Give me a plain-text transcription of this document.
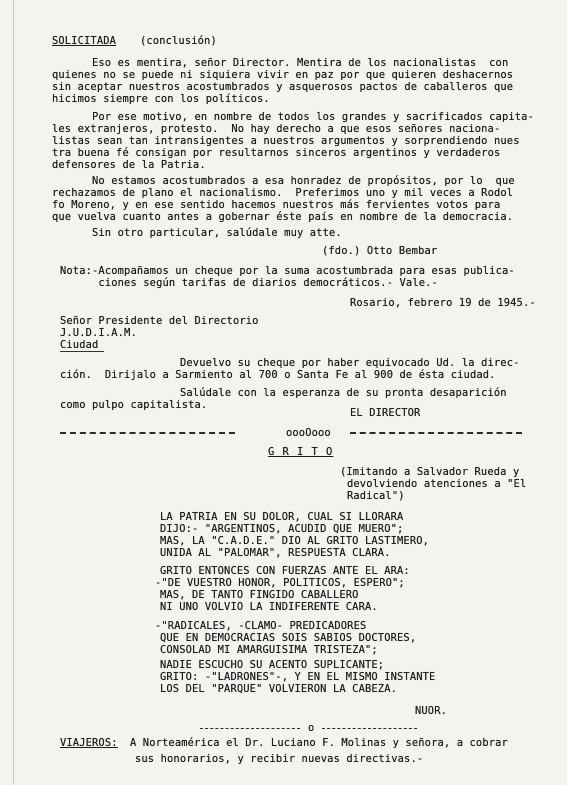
SOLICITADA (conclusión)
Eso es mentira, señor Director. Mentira de los nacionalistas  con
quienes no se puede ni siquiera vivir en paz por que quieren deshacernos
sin aceptar nuestros acostumbrados y asquerosos pactos de caballeros que
hicimos siempre con los políticos.
Por ese motivo, en nombre de todos los grandes y sacrificados capita-
les extranjeros, protesto.  No hay derecho a que esos señores naciona-
listas sean tan intransigentes a nuestros argumentos y sorprendiendo nues
tra buena fé consigan por resultarnos sinceros argentinos y verdaderos
defensores de la Patria.
No estamos acostumbrados a esa honradez de propósitos, por lo  que
rechazamos de plano el nacionalismo.  Preferimos uno y mil veces a Rodol
fo Moreno, y en ese sentido hacemos nuestros más fervientes votos para
que vuelva cuanto antes a gobernar éste país en nombre de la democracia.
Sin otro particular, salúdale muy atte.
(fdo.) Otto Bembar
Nota:-Acompañamos un cheque por la suma acostumbrada para esas publica-
ciones según tarifas de diarios democráticos.- Vale.-
Rosario, febrero 19 de 1945.-
Señor Presidente del Directorio
J.U.D.I.A.M.
Ciudad
Devuelvo su cheque por haber equivocado Ud. la direc-
ción.  Dirijalo a Sarmiento al 700 o Santa Fe al 900 de ésta ciudad.
Salúdale con la esperanza de su pronta desaparición
como pulpo capitalista.
EL DIRECTOR
oooOooo
G R I T O
(Imitando a Salvador Rueda y
devolviendo atenciones a "El
Radical")
LA PATRIA EN SU DOLOR, CUAL SI LLORARA
DIJO:- "ARGENTINOS, ACUDID QUE MUERO";
MAS, LA "C.A.D.E." DIO AL GRITO LASTIMERO,
UNIDA AL "PALOMAR", RESPUESTA CLARA.
GRITO ENTONCES CON FUERZAS ANTE EL ARA:
-"DE VUESTRO HONOR, POLITICOS, ESPERO";
MAS, DE TANTO FINGIDO CABALLERO
NI UNO VOLVIO LA INDIFERENTE CARA.
-"RADICALES, -CLAMO- PREDICADORES
QUE EN DEMOCRACIAS SOIS SABIOS DOCTORES,
CONSOLAD MI AMARGUISIMA TRISTEZA";
NADIE ESCUCHO SU ACENTO SUPLICANTE;
GRITO: -"LADRONES"-, Y EN EL MISMO INSTANTE
LOS DEL "PARQUE" VOLVIERON LA CABEZA.
NUOR.
o
VIAJEROS: A Norteamérica el Dr. Luciano F. Molinas y señora, a cobrar
sus honorarios, y recibir nuevas directivas.-
